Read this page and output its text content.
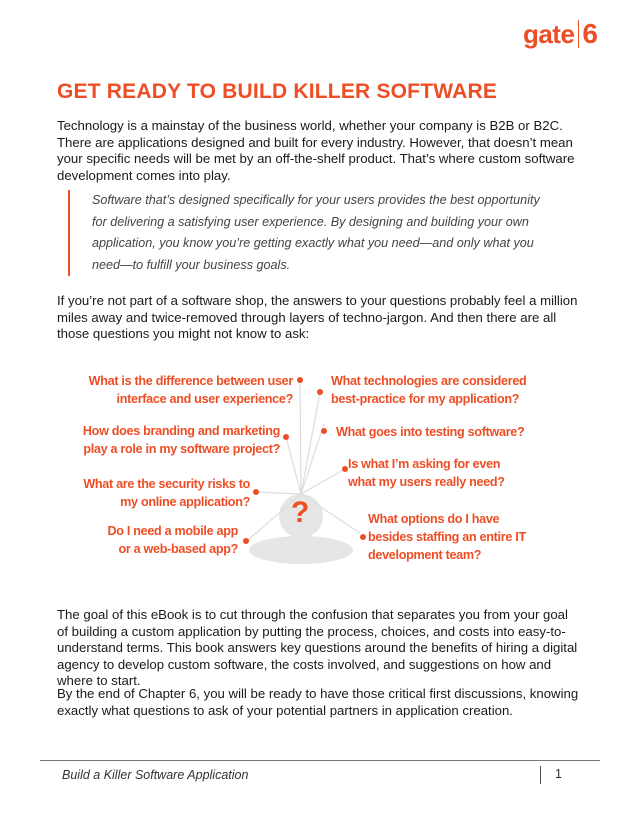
gate 6
GET READY TO BUILD KILLER SOFTWARE

Technology is a mainstay of the business world, whether your company is B2B or B2C. There are applications designed and built for every industry. However, that doesn’t mean your specific needs will be met by an off-the-shelf product. That’s where custom software development comes into play.

Software that’s designed specifically for your users provides the best opportunity for delivering a satisfying user experience. By designing and building your own application, you know you’re getting exactly what you need—and only what you need—to fulfill your business goals.

If you’re not part of a software shop, the answers to your questions probably feel a million miles away and twice-removed through layers of techno-jargon. And then there are all those questions you might not know to ask:

What is the difference between user
interface and user experience?
What technologies are considered
best-practice for my application?
How does branding and marketing
play a role in my software project?
What goes into testing software?
Is what I’m asking for even
what my users really need?
What are the security risks to
my online application? ?	What options do I have
besides staffing an entire IT
development team?
Do I need a mobile app
or a web-based app?

The goal of this eBook is to cut through the confusion that separates you from your goal of building a custom application by putting the process, choices, and costs into easy-to-understand terms. This book answers key questions around the benefits of hiring a digital agency to develop custom software, the costs involved, and suggestions on how and where to start.

By the end of Chapter 6, you will be ready to have those critical first discussions, knowing exactly what questions to ask of your potential partners in application creation.

Build a Killer Software Application	1
